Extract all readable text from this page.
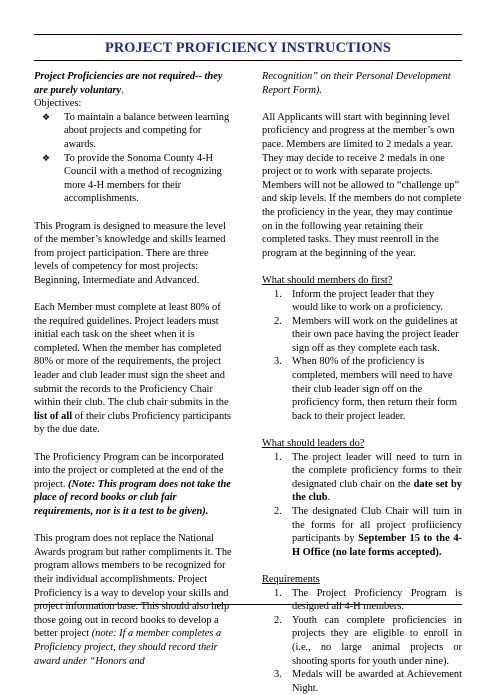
PROJECT PROFICIENCY INSTRUCTIONS

Project Proficiencies are not required-- they are purely voluntary.

Objectives:

❖ To maintain a balance between learning about projects and competing for awards.
❖ To provide the Sonoma County 4-H Council with a method of recognizing more 4-H members for their accomplishments.

This Program is designed to measure the level of the member’s knowledge and skills learned from project participation. There are three levels of competency for most projects: Beginning, Intermediate and Advanced.

Each Member must complete at least 80% of the required guidelines. Project leaders must initial each task on the sheet when it is completed. When the member has completed 80% or more of the requirements, the project leader and club leader must sign the sheet and submit the records to the Proficiency Chair within their club. The club chair submits in the list of all of their clubs Proficiency participants by the due date.

The Proficiency Program can be incorporated into the project or completed at the end of the project. (Note: This program does not take the place of record books or club fair requirements, nor is it a test to be given).

This program does not replace the National Awards program but rather compliments it. The program allows members to be recognized for their individual accomplishments. Project Proficiency is a way to develop your skills and project information base. This should also help those going out in record books to develop a better project (note: If a member completes a Proficiency project, they should record their award under “Honors and

Recognition” on their Personal Development Report Form).

All Applicants will start with beginning level proficiency and progress at the member’s own pace. Members are limited to 2 medals a year. They may decide to receive 2 medals in one project or to work with separate projects. Members will not be allowed to “challenge up” and skip levels. If the members do not complete the proficiency in the year, they may continue on in the following year retaining their completed tasks. They must reenroll in the program at the beginning of the year.

What should members do first?

1. Inform the project leader that they would like to work on a proficiency.
2. Members will work on the guidelines at their own pace having the project leader sign off as they complete each task.
3. When 80% of the proficiency is completed, members will need to have their club leader sign off on the proficiency form, then return their form back to their project leader.

What should leaders do?

1. The project leader will need to turn in the complete proficiency forms to their designated club chair on the date set by the club.
2. The designated Club Chair will turn in the forms for all project profiiciency participants by September 15 to the 4-H Office (no late forms accepted).

Requirements

1. The Project Proficiency Program is designed all 4-H members.
2. Youth can complete proficiencies in projects they are eligible to enroll in (i.e., no large animal projects or shooting sports for youth under nine).
3. Medals will be awarded at Achievement Night.
